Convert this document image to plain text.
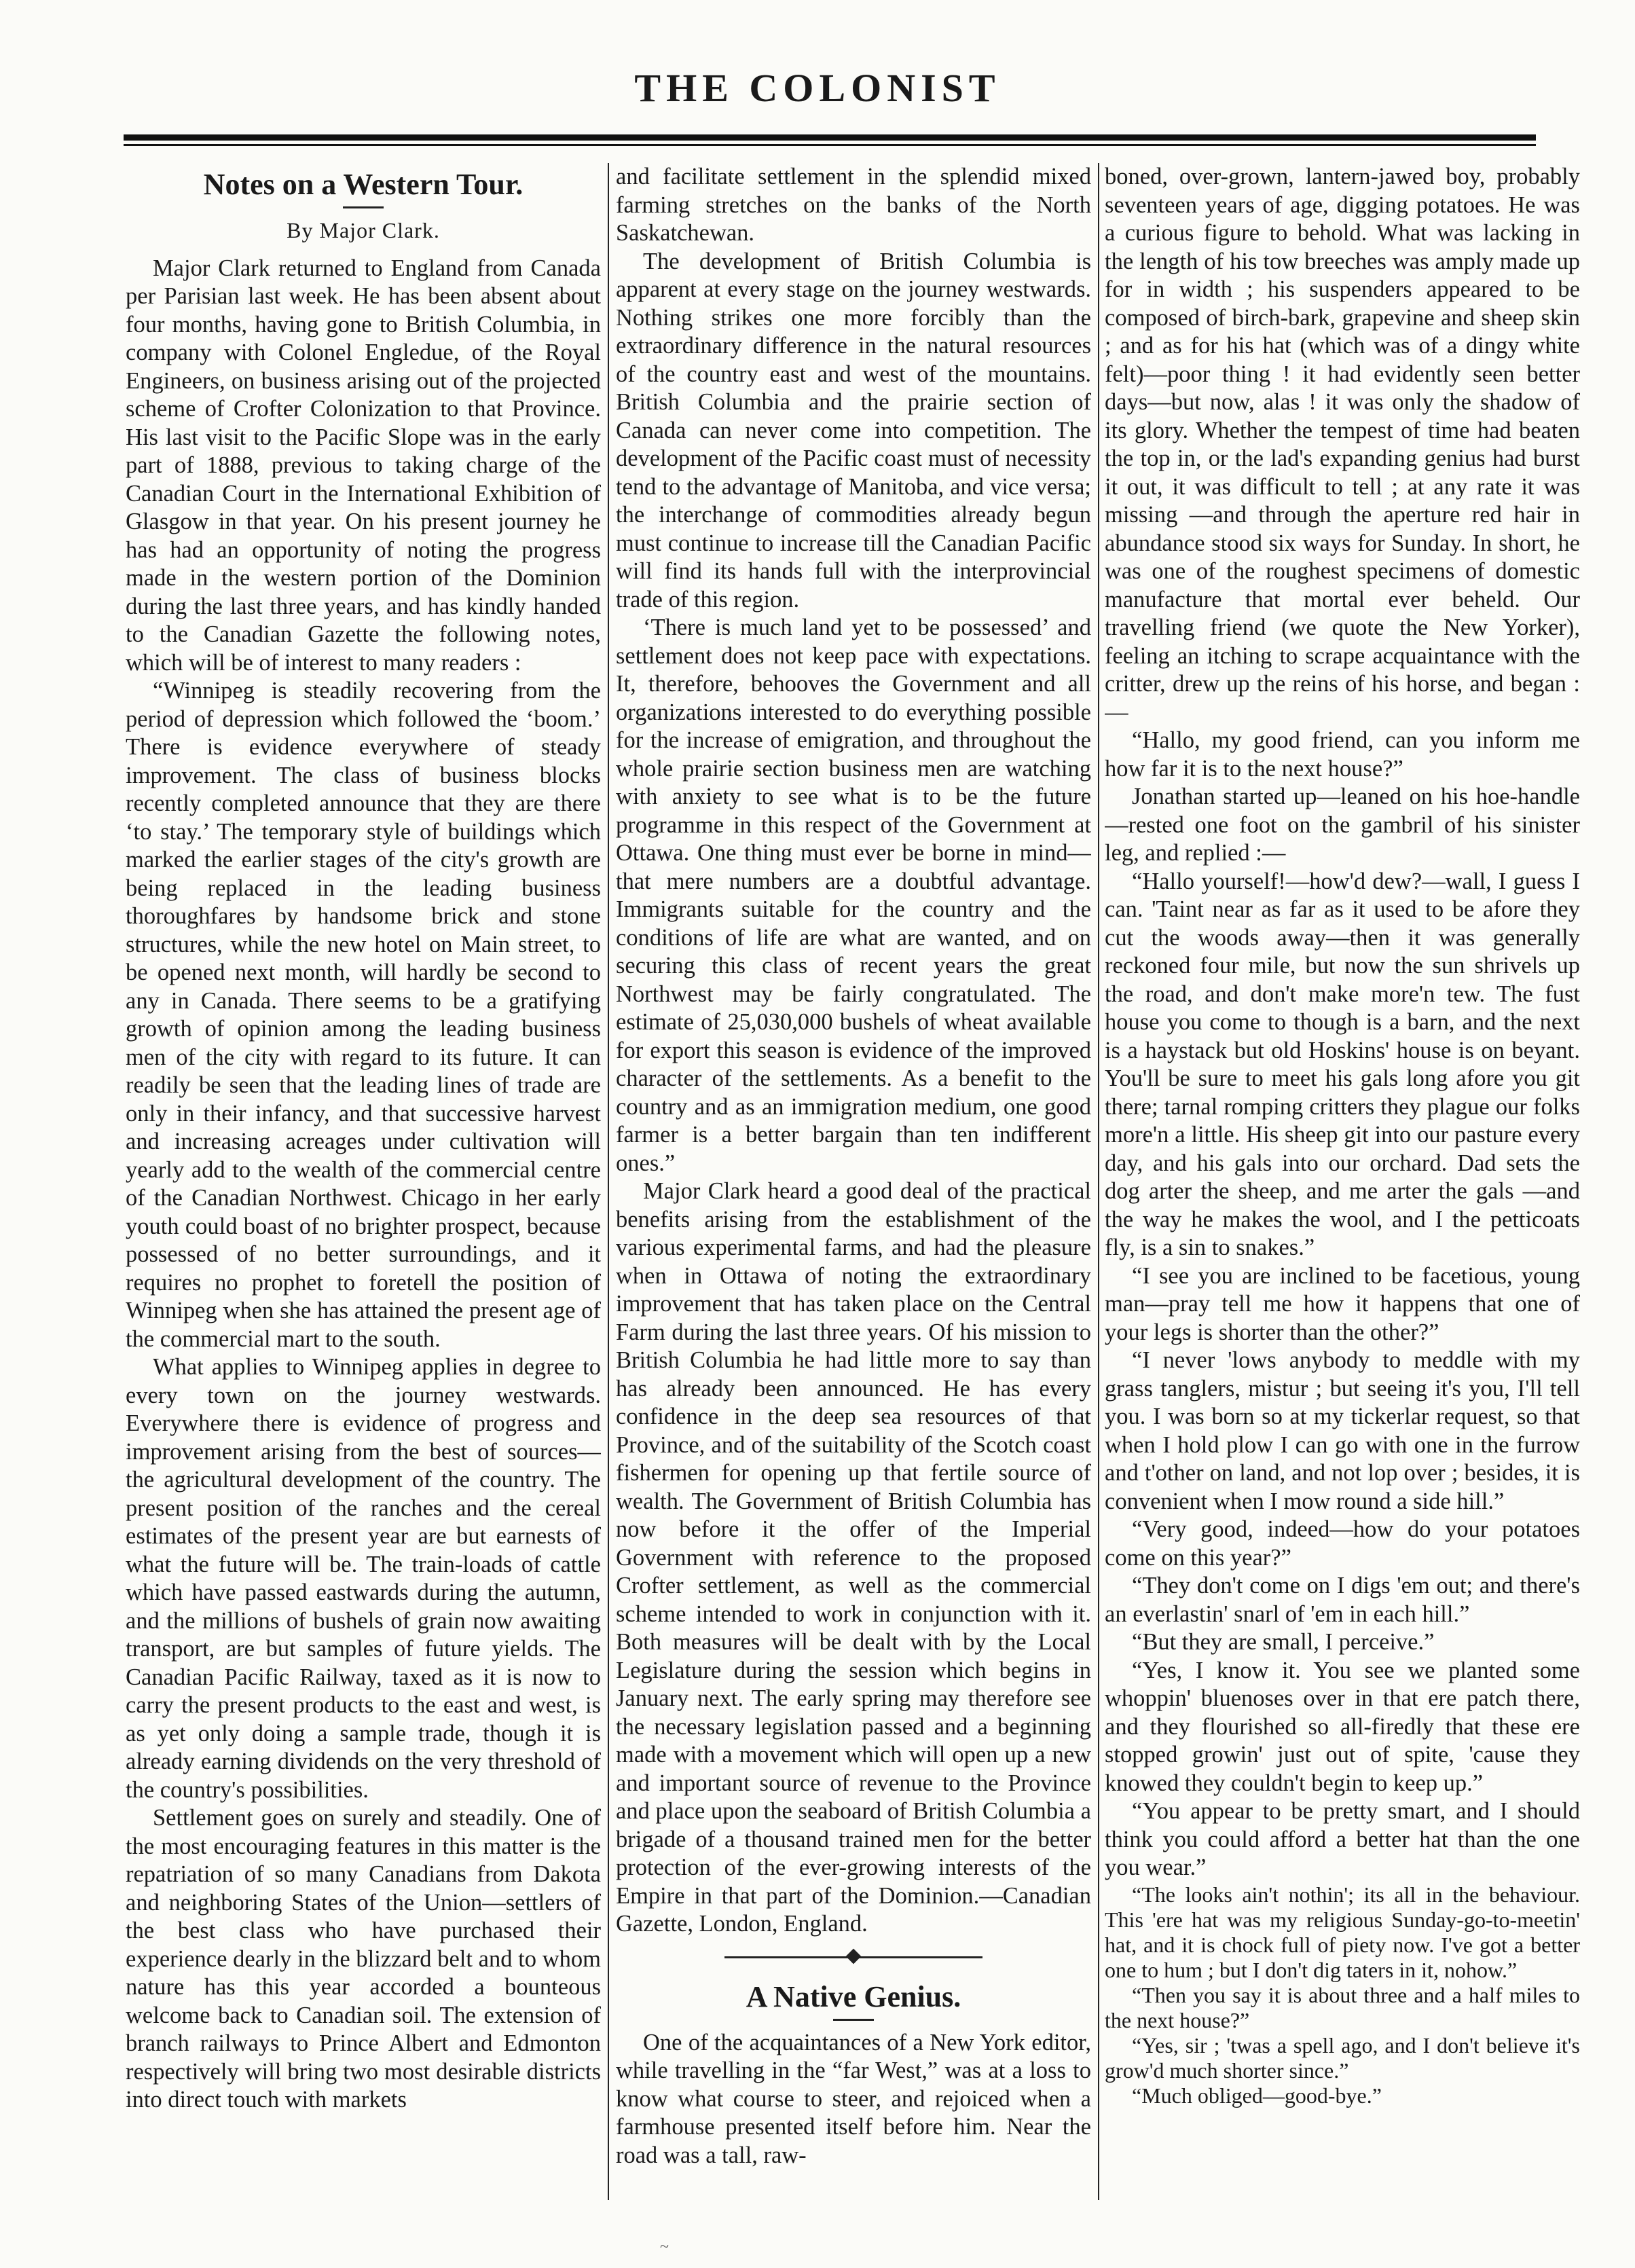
THE COLONIST
Notes on a Western Tour.
By Major Clark.

Major Clark returned to England from Canada per Parisian last week. He has been absent about four months, having gone to British Columbia, in company with Colonel Engledue, of the Royal Engineers, on business arising out of the projected scheme of Crofter Colonization to that Province. His last visit to the Pacific Slope was in the early part of 1888, previous to taking charge of the Canadian Court in the International Exhibition of Glasgow in that year. On his present journey he has had an opportunity of noting the progress made in the western portion of the Dominion during the last three years, and has kindly handed to the Canadian Gazette the following notes, which will be of interest to many readers :

“Winnipeg is steadily recovering from the period of depression which followed the ‘boom.’ There is evidence everywhere of steady improvement. The class of business blocks recently completed announce that they are there ‘to stay.’ The temporary style of buildings which marked the earlier stages of the city's growth are being replaced in the leading business thoroughfares by handsome brick and stone structures, while the new hotel on Main street, to be opened next month, will hardly be second to any in Canada. There seems to be a gratifying growth of opinion among the leading business men of the city with regard to its future. It can readily be seen that the leading lines of trade are only in their infancy, and that successive harvest and increasing acreages under cultivation will yearly add to the wealth of the commercial centre of the Canadian Northwest. Chicago in her early youth could boast of no brighter prospect, because possessed of no better surroundings, and it requires no prophet to foretell the position of Winnipeg when she has attained the present age of the commercial mart to the south.

What applies to Winnipeg applies in degree to every town on the journey westwards. Everywhere there is evidence of progress and improvement arising from the best of sources—the agricultural development of the country. The present position of the ranches and the cereal estimates of the present year are but earnests of what the future will be. The train-loads of cattle which have passed eastwards during the autumn, and the millions of bushels of grain now awaiting transport, are but samples of future yields. The Canadian Pacific Railway, taxed as it is now to carry the present products to the east and west, is as yet only doing a sample trade, though it is already earning dividends on the very threshold of the country's possibilities.

Settlement goes on surely and steadily. One of the most encouraging features in this matter is the repatriation of so many Canadians from Dakota and neighboring States of the Union—settlers of the best class who have purchased their experience dearly in the blizzard belt and to whom nature has this year accorded a bounteous welcome back to Canadian soil. The extension of branch railways to Prince Albert and Edmonton respectively will bring two most desirable districts into direct touch with markets

and facilitate settlement in the splendid mixed farming stretches on the banks of the North Saskatchewan.

The development of British Columbia is apparent at every stage on the journey westwards. Nothing strikes one more forcibly than the extraordinary difference in the natural resources of the country east and west of the mountains. British Columbia and the prairie section of Canada can never come into competition. The development of the Pacific coast must of necessity tend to the advantage of Manitoba, and vice versa; the interchange of commodities already begun must continue to increase till the Canadian Pacific will find its hands full with the interprovincial trade of this region.

‘There is much land yet to be possessed’ and settlement does not keep pace with expectations. It, therefore, behooves the Government and all organizations interested to do everything possible for the increase of emigration, and throughout the whole prairie section business men are watching with anxiety to see what is to be the future programme in this respect of the Government at Ottawa. One thing must ever be borne in mind—that mere numbers are a doubtful advantage. Immigrants suitable for the country and the conditions of life are what are wanted, and on securing this class of recent years the great Northwest may be fairly congratulated. The estimate of 25,030,000 bushels of wheat available for export this season is evidence of the improved character of the settlements. As a benefit to the country and as an immigration medium, one good farmer is a better bargain than ten indifferent ones.”

Major Clark heard a good deal of the practical benefits arising from the establishment of the various experimental farms, and had the pleasure when in Ottawa of noting the extraordinary improvement that has taken place on the Central Farm during the last three years. Of his mission to British Columbia he had little more to say than has already been announced. He has every confidence in the deep sea resources of that Province, and of the suitability of the Scotch coast fishermen for opening up that fertile source of wealth. The Government of British Columbia has now before it the offer of the Imperial Government with reference to the proposed Crofter settlement, as well as the commercial scheme intended to work in conjunction with it. Both measures will be dealt with by the Local Legislature during the session which begins in January next. The early spring may therefore see the necessary legislation passed and a beginning made with a movement which will open up a new and important source of revenue to the Province and place upon the seaboard of British Columbia a brigade of a thousand trained men for the better protection of the ever-growing interests of the Empire in that part of the Dominion.—Canadian Gazette, London, England.

A Native Genius.

One of the acquaintances of a New York editor, while travelling in the “far West,” was at a loss to know what course to steer, and rejoiced when a farmhouse presented itself before him. Near the road was a tall, raw-

boned, over-grown, lantern-jawed boy, probably seventeen years of age, digging potatoes. He was a curious figure to behold. What was lacking in the length of his tow breeches was amply made up for in width ; his suspenders appeared to be composed of birch-bark, grapevine and sheep skin ; and as for his hat (which was of a dingy white felt)—poor thing ! it had evidently seen better days—but now, alas ! it was only the shadow of its glory. Whether the tempest of time had beaten the top in, or the lad's expanding genius had burst it out, it was difficult to tell ; at any rate it was missing —and through the aperture red hair in abundance stood six ways for Sunday. In short, he was one of the roughest specimens of domestic manufacture that mortal ever beheld. Our travelling friend (we quote the New Yorker), feeling an itching to scrape acquaintance with the critter, drew up the reins of his horse, and began :—

“Hallo, my good friend, can you inform me how far it is to the next house?”

Jonathan started up—leaned on his hoe-handle—rested one foot on the gambril of his sinister leg, and replied :—

“Hallo yourself!—how'd dew?—wall, I guess I can. 'Taint near as far as it used to be afore they cut the woods away—then it was generally reckoned four mile, but now the sun shrivels up the road, and don't make more'n tew. The fust house you come to though is a barn, and the next is a haystack but old Hoskins' house is on beyant. You'll be sure to meet his gals long afore you git there; tarnal romping critters they plague our folks more'n a little. His sheep git into our pasture every day, and his gals into our orchard. Dad sets the dog arter the sheep, and me arter the gals —and the way he makes the wool, and I the petticoats fly, is a sin to snakes.”

“I see you are inclined to be facetious, young man—pray tell me how it happens that one of your legs is shorter than the other?”

“I never 'lows anybody to meddle with my grass tanglers, mistur ; but seeing it's you, I'll tell you. I was born so at my tickerlar request, so that when I hold plow I can go with one in the furrow and t'other on land, and not lop over ; besides, it is convenient when I mow round a side hill.”

“Very good, indeed—how do your potatoes come on this year?”

“They don't come on I digs 'em out; and there's an everlastin' snarl of 'em in each hill.”

“But they are small, I perceive.”

“Yes, I know it. You see we planted some whoppin' bluenoses over in that ere patch there, and they flourished so all-firedly that these ere stopped growin' just out of spite, 'cause they knowed they couldn't begin to keep up.”

“You appear to be pretty smart, and I should think you could afford a better hat than the one you wear.”

“The looks ain't nothin'; its all in the behaviour. This 'ere hat was my religious Sunday-go-to-meetin' hat, and it is chock full of piety now. I've got a better one to hum ; but I don't dig taters in it, nohow.”

“Then you say it is about three and a half miles to the next house?”

“Yes, sir ; 'twas a spell ago, and I don't believe it's grow'd much shorter since.”

“Much obliged—good-bye.”

~
